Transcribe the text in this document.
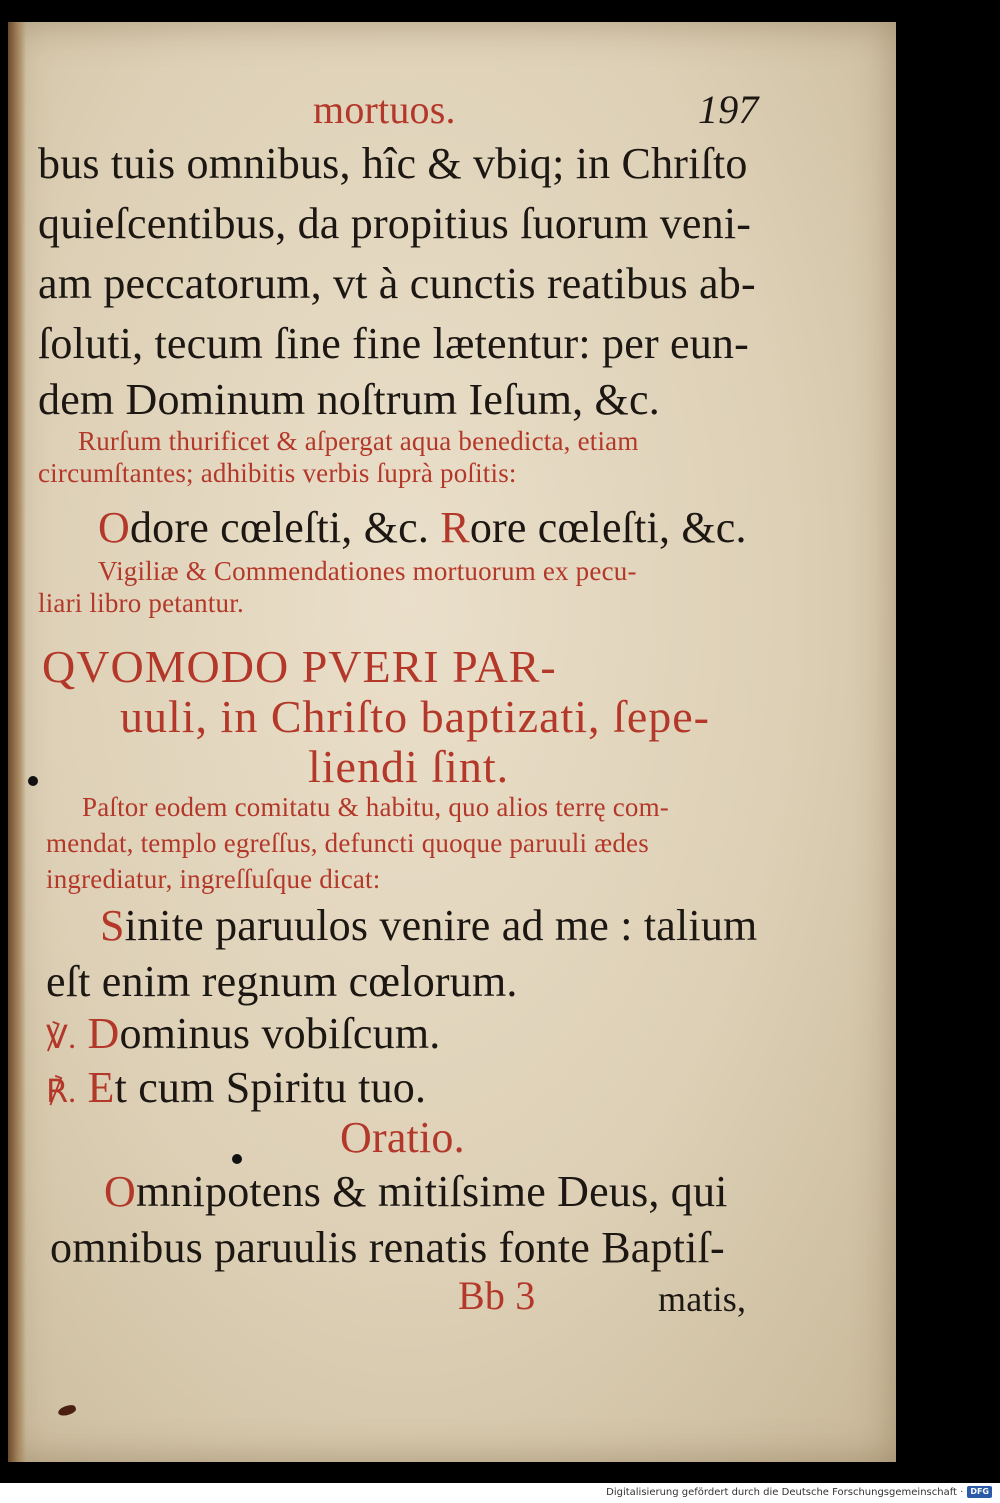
mortuos.	197
bus tuis omnibus, hîc & vbiq; in Chriſto
quieſcentibus, da propitius ſuorum veni-
am peccatorum, vt à cunctis reatibus ab-
ſoluti, tecum ſine fine lætentur: per eun-
dem Dominum noſtrum Ieſum, &c.
Rurſum thurificet & aſpergat aqua benedicta, etiam
circumſtantes; adhibitis verbis ſuprà poſitis:
Odore cœleſti, &c. Rore cœleſti, &c.
Vigiliæ & Commendationes mortuorum ex pecu-
liari libro petantur.
QVOMODO PVERI PAR-
uuli, in Chriſto baptizati, ſepe-
liendi ſint.
Paſtor eodem comitatu & habitu, quo alios terrę com-
mendat, templo egreſſus, defuncti quoque paruuli ædes
ingrediatur, ingreſſuſque dicat:
Sinite paruulos venire ad me : talium
eſt enim regnum cœlorum.
℣. Dominus vobiſcum.
℟. Et cum Spiritu tuo.
Oratio.
Omnipotens & mitiſsime Deus, qui
omnibus paruulis renatis fonte Baptiſ-
Bb 3	matis,
Digitalisierung gefördert durch die Deutsche Forschungsgemeinschaft · DFG
